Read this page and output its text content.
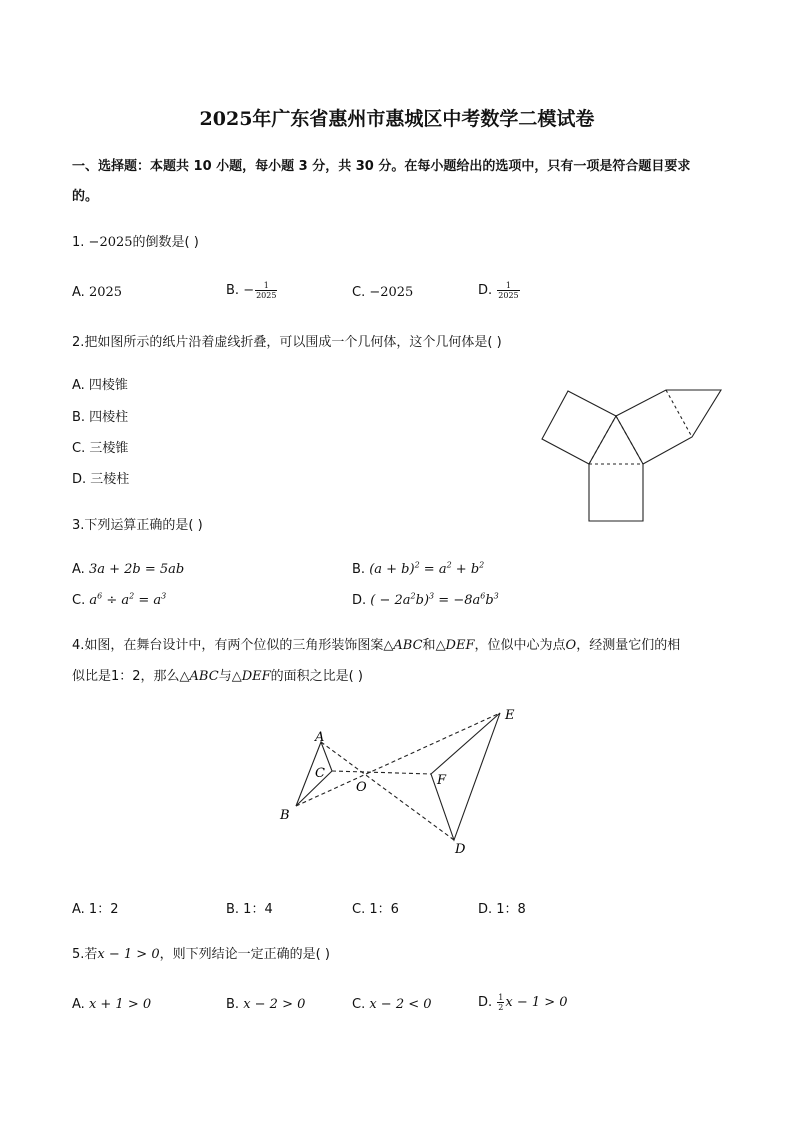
2025年广东省惠州市惠城区中考数学二模试卷
一、选择题：本题共 10 小题，每小题 3 分，共 30 分。在每小题给出的选项中，只有一项是符合题目要求
的。
1. −2025的倒数是( )
A. 2025	B. − $\frac{1}{2025}$	C. −2025	D. $\frac{1}{2025}$
2.把如图所示的纸片沿着虚线折叠，可以围成一个几何体，这个几何体是( )
A. 四棱锥
B. 四棱柱
C. 三棱锥
D. 三棱柱
3.下列运算正确的是( )
A. 3a + 2b = 5ab	B. $(a + b)^2 = a^2 + b^2$
C. $a^6 \div a^2 = a^3$	D. ( − $2a^2b)^3 = -8a^6b^3$
4.如图，在舞台设计中，有两个位似的三角形装饰图案△ABC和△DEF，位似中心为点O，经测量它们的相
似比是1：2，那么△ABC与△DEF的面积之比是( )
A
B
C
O
E
F
D
A. 1：2	B. 1：4	C. 1：6	D. 1：8
5.若x − 1 > 0，则下列结论一定正确的是( )
A. x + 1 > 0	B. x − 2 > 0	C. x − 2 < 0	D. $\frac{1}{2}$ x − 1 > 0
